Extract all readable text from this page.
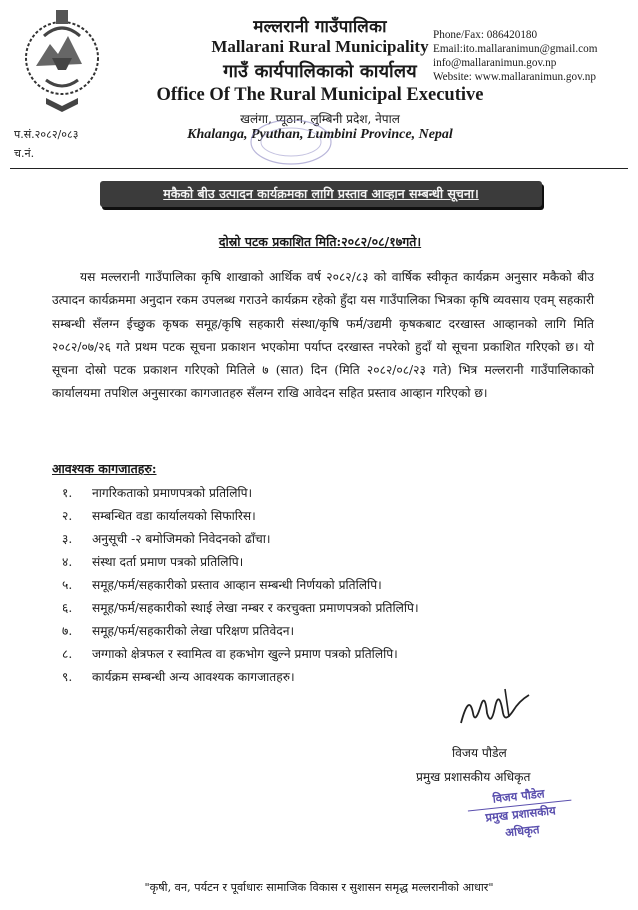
मल्लरानी गाउँपालिका
Mallarani Rural Municipality
गाउँ कार्यपालिकाको कार्यालय
Office Of The Rural Municipal Executive
खलंगा, प्यूठान, लुम्बिनी प्रदेश, नेपाल
Khalanga, Pyuthan, Lumbini Province, Nepal
Phone/Fax: 086420180
Email:ito.mallaranimun@gmail.com
info@mallaranimun.gov.np
Website: www.mallaranimun.gov.np
प.सं.२०८२/०८३
च.नं.
मकैको बीउ उत्पादन कार्यक्रमका लागि प्रस्ताव आव्हान सम्बन्धी सूचना।
दोस्रो पटक प्रकाशित मिति:२०८२/०८/१७गते।
यस मल्लरानी गाउँपालिका कृषि शाखाको आर्थिक वर्ष २०८२/८३ को वार्षिक स्वीकृत कार्यक्रम अनुसार मकैको बीउ उत्पादन कार्यक्रममा अनुदान रकम उपलब्ध गराउने कार्यक्रम रहेको हुँदा यस गाउँपालिका भित्रका कृषि व्यवसाय एवम् सहकारी सम्बन्धी सँलग्न ईच्छुक कृषक समूह/कृषि सहकारी संस्था/कृषि फर्म/उद्यमी कृषकबाट दरखास्त आव्हानको लागि मिति २०८२/०७/२६ गते प्रथम पटक सूचना प्रकाशन भएकोमा पर्याप्त दरखास्त नपरेको हुदाँ यो सूचना प्रकाशित गरिएको छ। यो सूचना दोस्रो पटक प्रकाशन गरिएको मितिले ७ (सात) दिन (मिति २०८२/०८/२३ गते) भित्र मल्लरानी गाउँपालिकाको कार्यालयमा तपशिल अनुसारका कागजातहरु सँलग्न राखि आवेदन सहित प्रस्ताव आव्हान गरिएको छ।
आवश्यक कागजातहरु:
१. नागरिकताको प्रमाणपत्रको प्रतिलिपि।
२. सम्बन्धित वडा कार्यालयको सिफारिस।
३. अनुसूची -२ बमोजिमको निवेदनको ढाँचा।
४. संस्था दर्ता प्रमाण पत्रको प्रतिलिपि।
५. समूह/फर्म/सहकारीको प्रस्ताव आव्हान सम्बन्धी निर्णयको प्रतिलिपि।
६. समूह/फर्म/सहकारीको स्थाई लेखा नम्बर र करचुक्ता प्रमाणपत्रको प्रतिलिपि।
७. समूह/फर्म/सहकारीको लेखा परिक्षण प्रतिवेदन।
८. जग्गाको क्षेत्रफल र स्वामित्व वा हकभोग खुल्ने प्रमाण पत्रको प्रतिलिपि।
९. कार्यक्रम सम्बन्धी अन्य आवश्यक कागजातहरु।
विजय पौडेल
प्रमुख प्रशासकीय अधिकृत
विजय पौडेल
प्रमुख प्रशासकीय अधिकृत
"कृषी, वन, पर्यटन र पूर्वाधारः सामाजिक विकास र सुशासन समृद्ध मल्लरानीको आधार"
